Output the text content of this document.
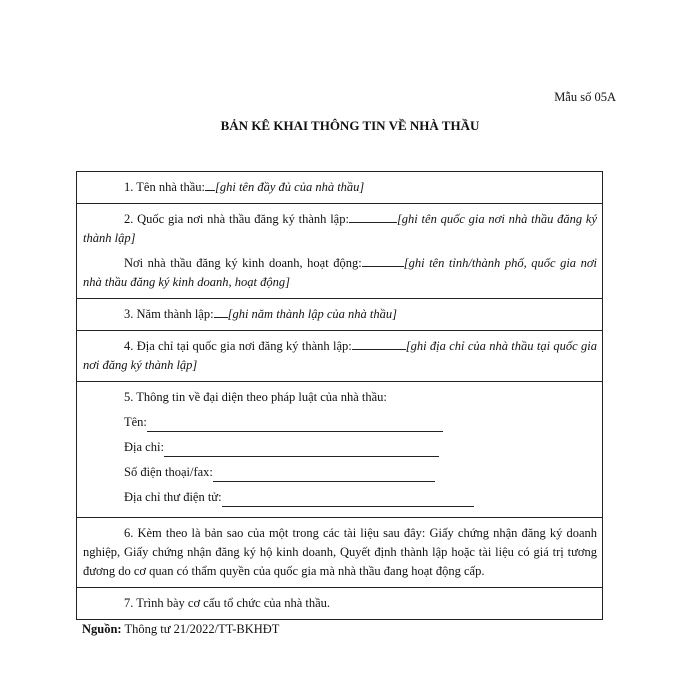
Mẫu số 05A
BẢN KÊ KHAI THÔNG TIN VỀ NHÀ THẦU
1. Tên nhà thầu: [ghi tên đầy đủ của nhà thầu]
2. Quốc gia nơi nhà thầu đăng ký thành lập:	[ghi tên quốc gia nơi nhà thầu đăng ký thành lập]
Nơi nhà thầu đăng ký kinh doanh, hoạt động:	[ghi tên tỉnh/thành phố, quốc gia nơi nhà thầu đăng ký kinh doanh, hoạt động]
3. Năm thành lập: [ghi năm thành lập của nhà thầu]
4. Địa chỉ tại quốc gia nơi đăng ký thành lập:	[ghi địa chỉ của nhà thầu tại quốc gia nơi đăng ký thành lập]
5. Thông tin về đại diện theo pháp luật của nhà thầu:
Tên:
Địa chỉ:
Số điện thoại/fax:
Địa chỉ thư điện tử:
6. Kèm theo là bản sao của một trong các tài liệu sau đây: Giấy chứng nhận đăng ký doanh nghiệp, Giấy chứng nhận đăng ký hộ kinh doanh, Quyết định thành lập hoặc tài liệu có giá trị tương đương do cơ quan có thẩm quyền của quốc gia mà nhà thầu đang hoạt động cấp.
7. Trình bày cơ cấu tổ chức của nhà thầu.
Nguồn: Thông tư 21/2022/TT-BKHĐT
